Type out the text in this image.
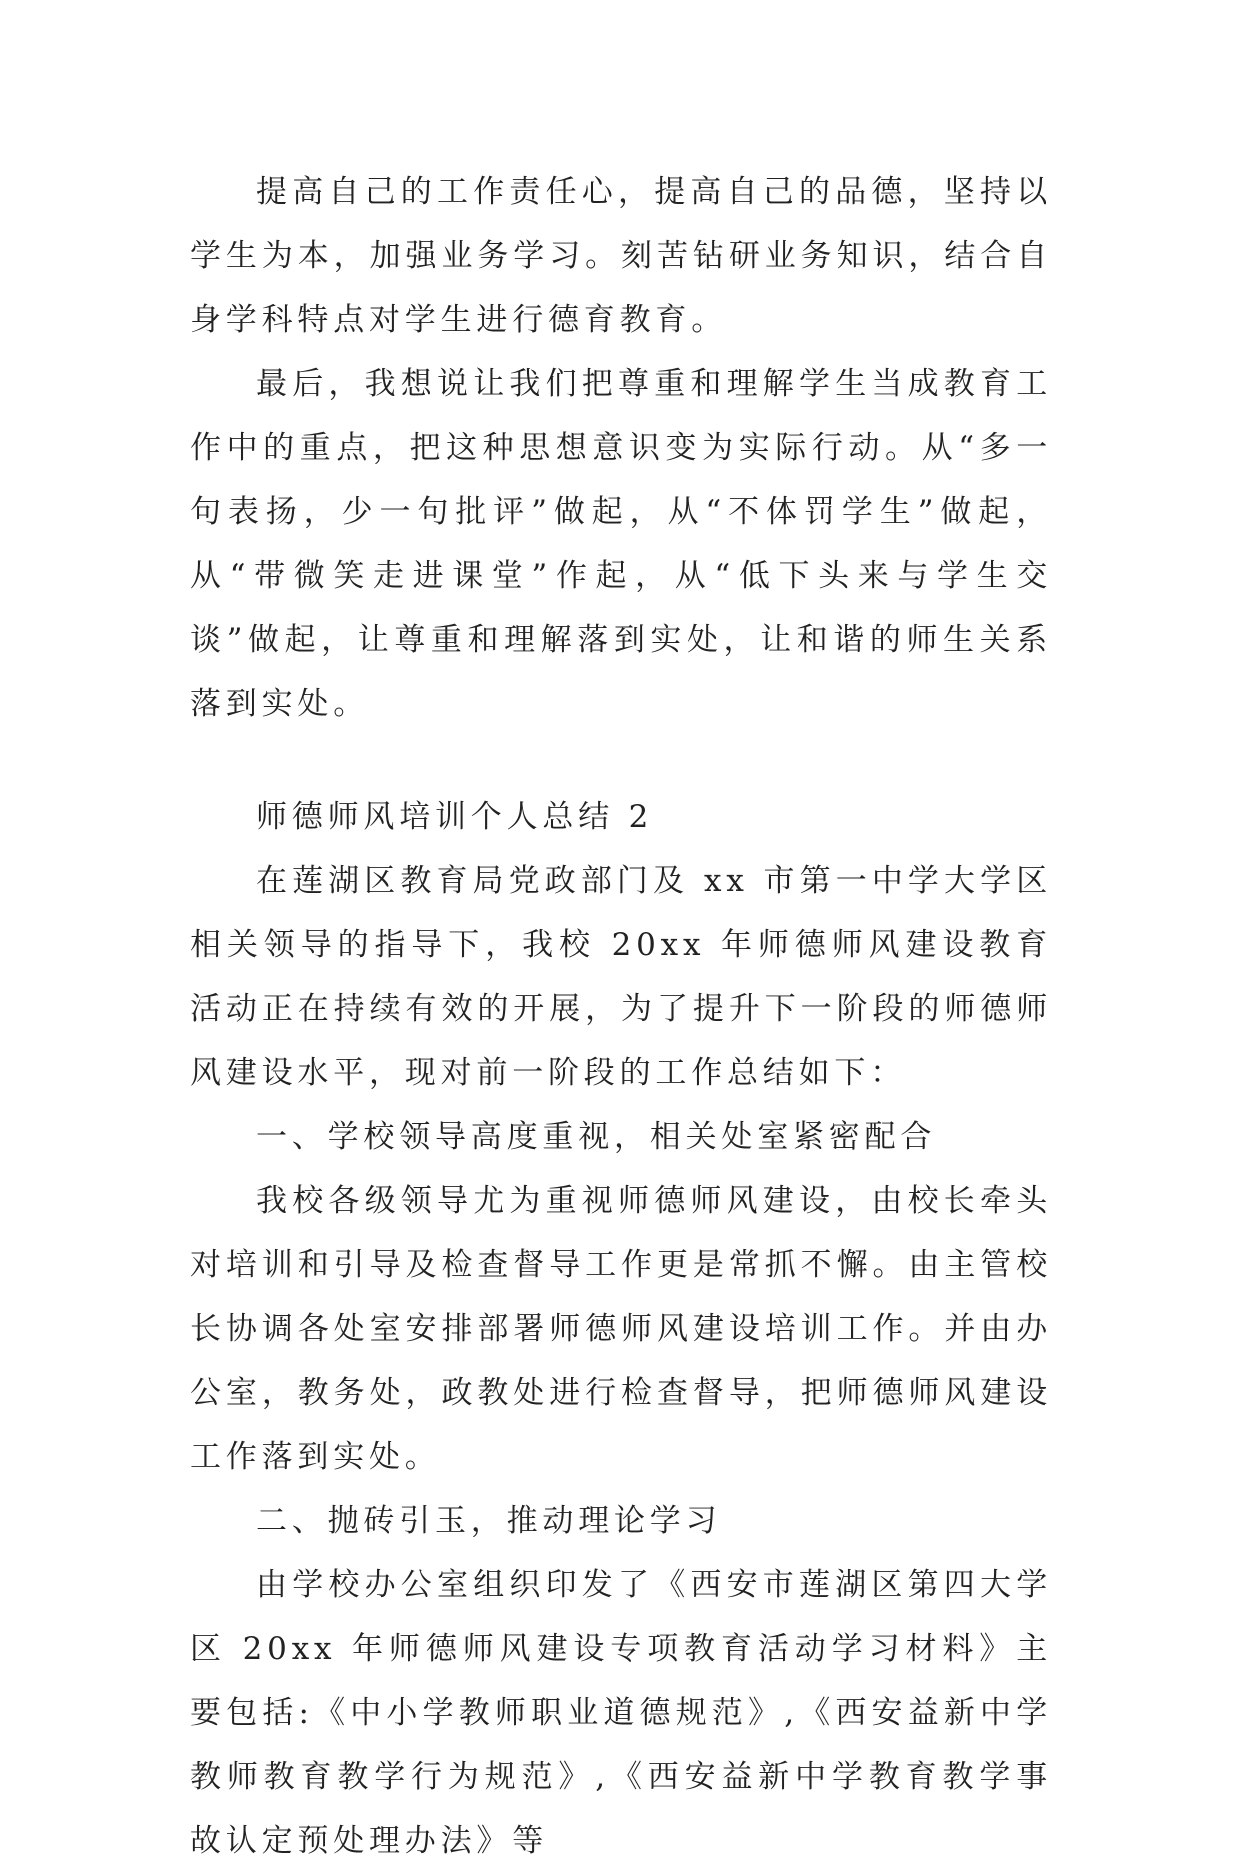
提高自己的工作责任心，提高自己的品德，坚持以学生为本，加强业务学习。刻苦钻研业务知识，结合自身学科特点对学生进行德育教育。

最后，我想说让我们把尊重和理解学生当成教育工作中的重点，把这种思想意识变为实际行动。从“多一句表扬，少一句批评”做起，从“不体罚学生”做起，从“带微笑走进课堂”作起，从“低下头来与学生交谈”做起，让尊重和理解落到实处，让和谐的师生关系落到实处。

师德师风培训个人总结 2

在莲湖区教育局党政部门及 xx 市第一中学大学区相关领导的指导下，我校 20xx 年师德师风建设教育活动正在持续有效的开展，为了提升下一阶段的师德师风建设水平，现对前一阶段的工作总结如下：

一、学校领导高度重视，相关处室紧密配合

我校各级领导尤为重视师德师风建设，由校长牵头对培训和引导及检查督导工作更是常抓不懈。由主管校长协调各处室安排部署师德师风建设培训工作。并由办公室，教务处，政教处进行检查督导，把师德师风建设工作落到实处。

二、抛砖引玉，推动理论学习

由学校办公室组织印发了《西安市莲湖区第四大学区 20xx 年师德师风建设专项教育活动学习材料》主要包括:《中小学教师职业道德规范》,《西安益新中学教师教育教学行为规范》,《西安益新中学教育教学事故认定预处理办法》等
